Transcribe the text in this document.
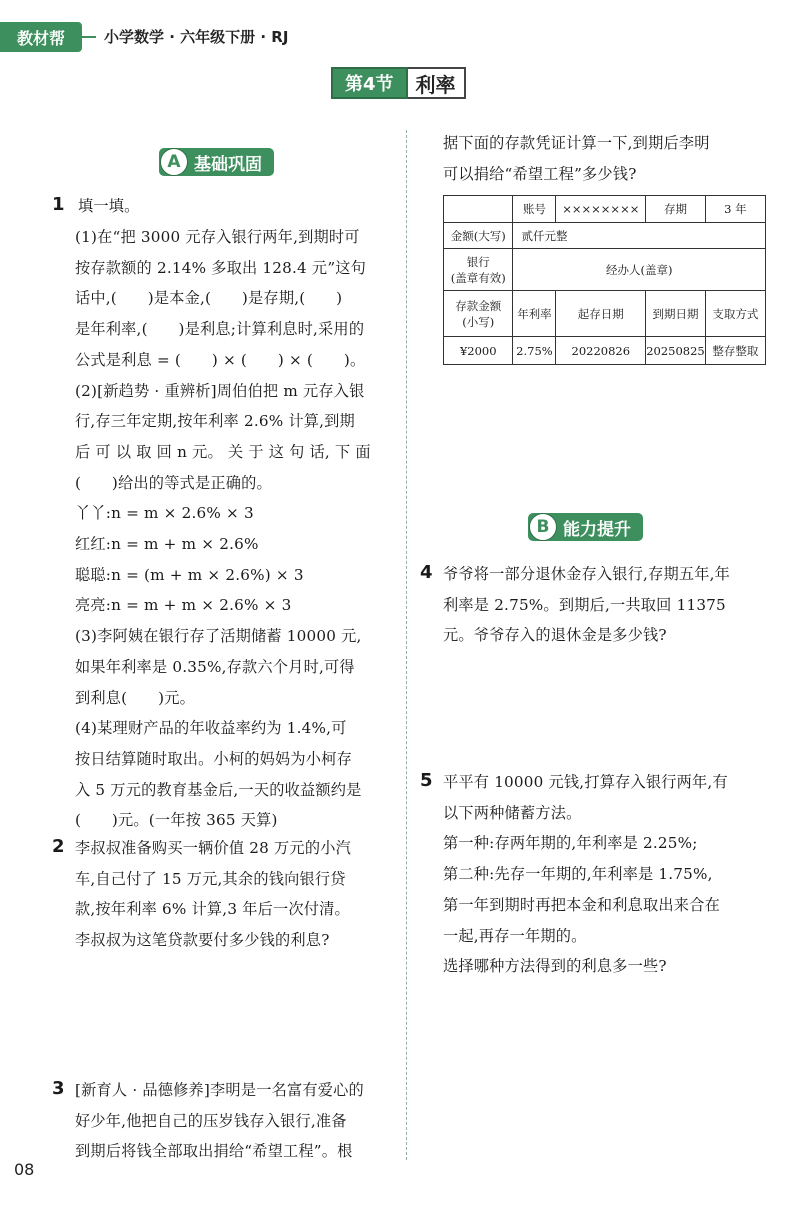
教材帮	小学数学 · 六年级下册 · RJ
第4节	利率
A 基础巩固
1 填一填。
(1)在“把 3000 元存入银行两年,到期时可
按存款额的 2.14% 多取出 128.4 元”这句
话中,(　　)是本金,(　　)是存期,(　　)
是年利率,(　　)是利息;计算利息时,采用的
公式是利息 = (　　) × (　　) × (　　)。
(2)[新趋势 · 重辨析]周伯伯把 m 元存入银
行,存三年定期,按年利率 2.6% 计算,到期
后 可 以 取 回 n 元。 关 于 这 句 话, 下 面
(　　)给出的等式是正确的。
丫丫:n = m × 2.6% × 3
红红:n = m + m × 2.6%
聪聪:n = (m + m × 2.6%) × 3
亮亮:n = m + m × 2.6% × 3
(3)李阿姨在银行存了活期储蓄 10000 元,
如果年利率是 0.35%,存款六个月时,可得
到利息(　　)元。
(4)某理财产品的年收益率约为 1.4%,可
按日结算随时取出。小柯的妈妈为小柯存
入 5 万元的教育基金后,一天的收益额约是
(　　)元。(一年按 365 天算)
2 李叔叔准备购买一辆价值 28 万元的小汽
车,自己付了 15 万元,其余的钱向银行贷
款,按年利率 6% 计算,3 年后一次付清。
李叔叔为这笔贷款要付多少钱的利息?
3 [新育人 · 品德修养]李明是一名富有爱心的
好少年,他把自己的压岁钱存入银行,准备
到期后将钱全部取出捐给“希望工程”。根
据下面的存款凭证计算一下,到期后李明
可以捐给“希望工程”多少钱?
	账号	××××××××	存期	3 年
金额(大写)	贰仟元整			

银行
(盖章有效)	经办人(盖章)			

存款金额
(小写)	年利率	起存日期	到期日期	支取方式
¥2000	2.75%	20220826	20250825	整存整取
B 能力提升
4 爷爷将一部分退休金存入银行,存期五年,年
利率是 2.75%。到期后,一共取回 11375
元。爷爷存入的退休金是多少钱?
5 平平有 10000 元钱,打算存入银行两年,有
以下两种储蓄方法。
第一种:存两年期的,年利率是 2.25%;
第二种:先存一年期的,年利率是 1.75%,
第一年到期时再把本金和利息取出来合在
一起,再存一年期的。
选择哪种方法得到的利息多一些?
08
